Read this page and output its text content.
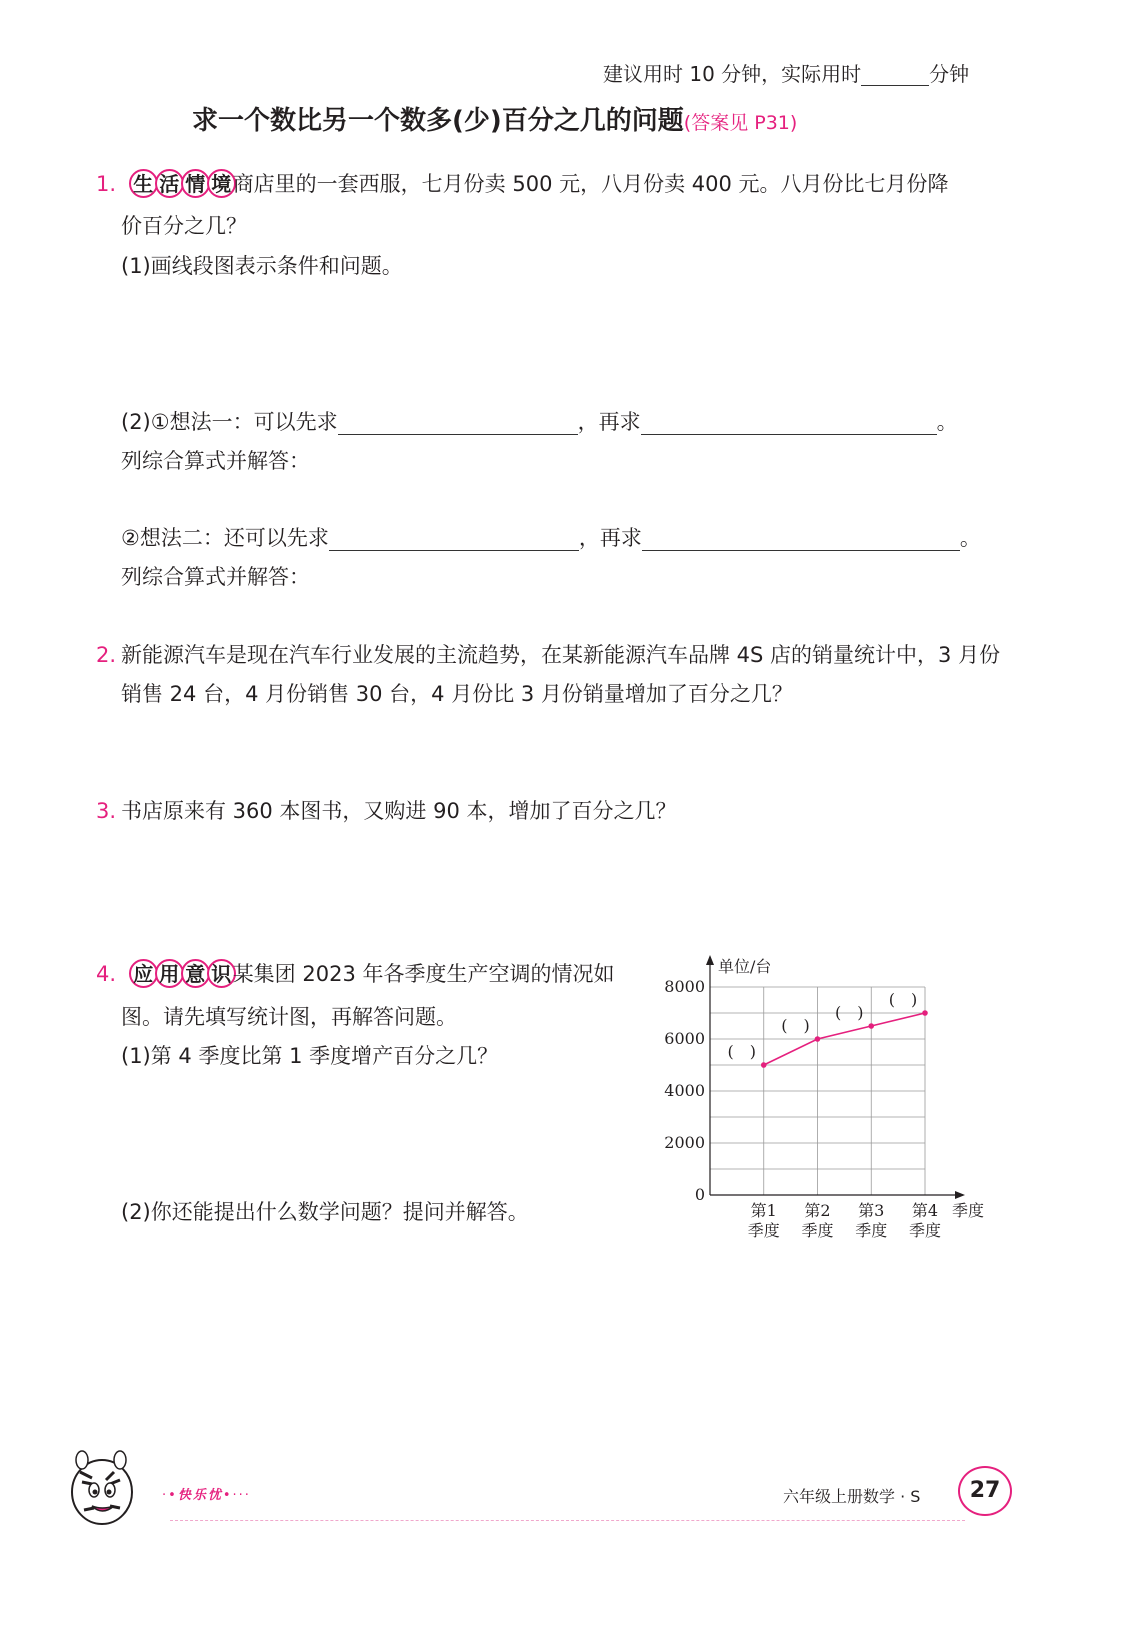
建议用时 10 分钟，实际用时	分钟
求一个数比另一个数多(少)百分之几的问题(答案见 P31)
1. 生 活 情 境 商店里的一套西服，七月份卖 500 元，八月份卖 400 元。八月份比七月份降
价百分之几？
(1)画线段图表示条件和问题。
(2)①想法一：可以先求	，再求	。
列综合算式并解答：
②想法二：还可以先求	，再求	。
列综合算式并解答：
2. 新能源汽车是现在汽车行业发展的主流趋势，在某新能源汽车品牌 4S 店的销量统计中，3 月份
销售 24 台，4 月份销售 30 台，4 月份比 3 月份销量增加了百分之几？
3. 书店原来有 360 本图书，又购进 90 本，增加了百分之几？
4. 应 用 意 识 某集团 2023 年各季度生产空调的情况如
图。请先填写统计图，再解答问题。
(1)第 4 季度比第 1 季度增产百分之几？
(2)你还能提出什么数学问题？提问并解答。
单位/台
季度
0
2000
4000
6000
8000
第1
季度
第2
季度
第3
季度
第4
季度
(　)
(　)
(　)
(　)
·•快乐忧•···	六年级上册数学 · S	27
